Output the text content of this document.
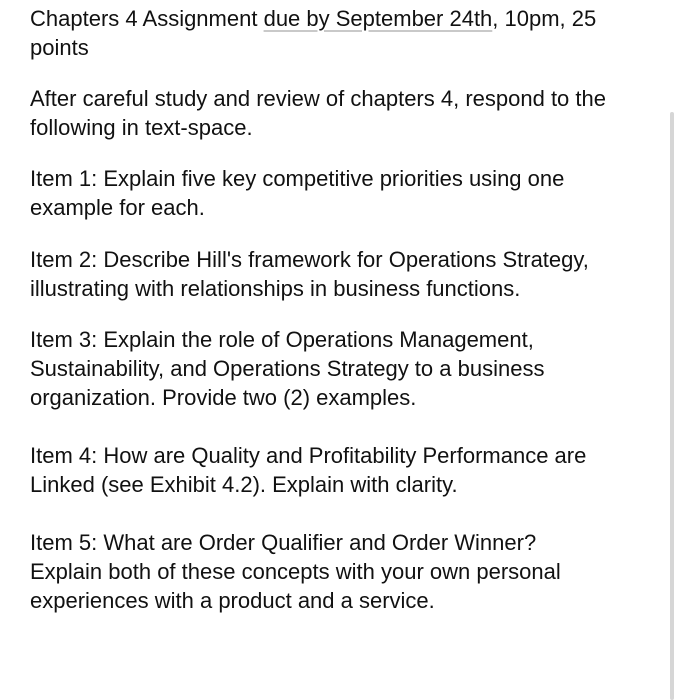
Chapters 4 Assignment due by September 24th, 10pm, 25
points

After careful study and review of chapters 4, respond to the
following in text-space.

Item 1: Explain five key competitive priorities using one
example for each.

Item 2: Describe Hill's framework for Operations Strategy,
illustrating with relationships in business functions.

Item 3: Explain the role of Operations Management,
Sustainability, and Operations Strategy to a business
organization. Provide two (2) examples.

Item 4: How are Quality and Profitability Performance are
Linked (see Exhibit 4.2). Explain with clarity.

Item 5: What are Order Qualifier and Order Winner?
Explain both of these concepts with your own personal
experiences with a product and a service.
